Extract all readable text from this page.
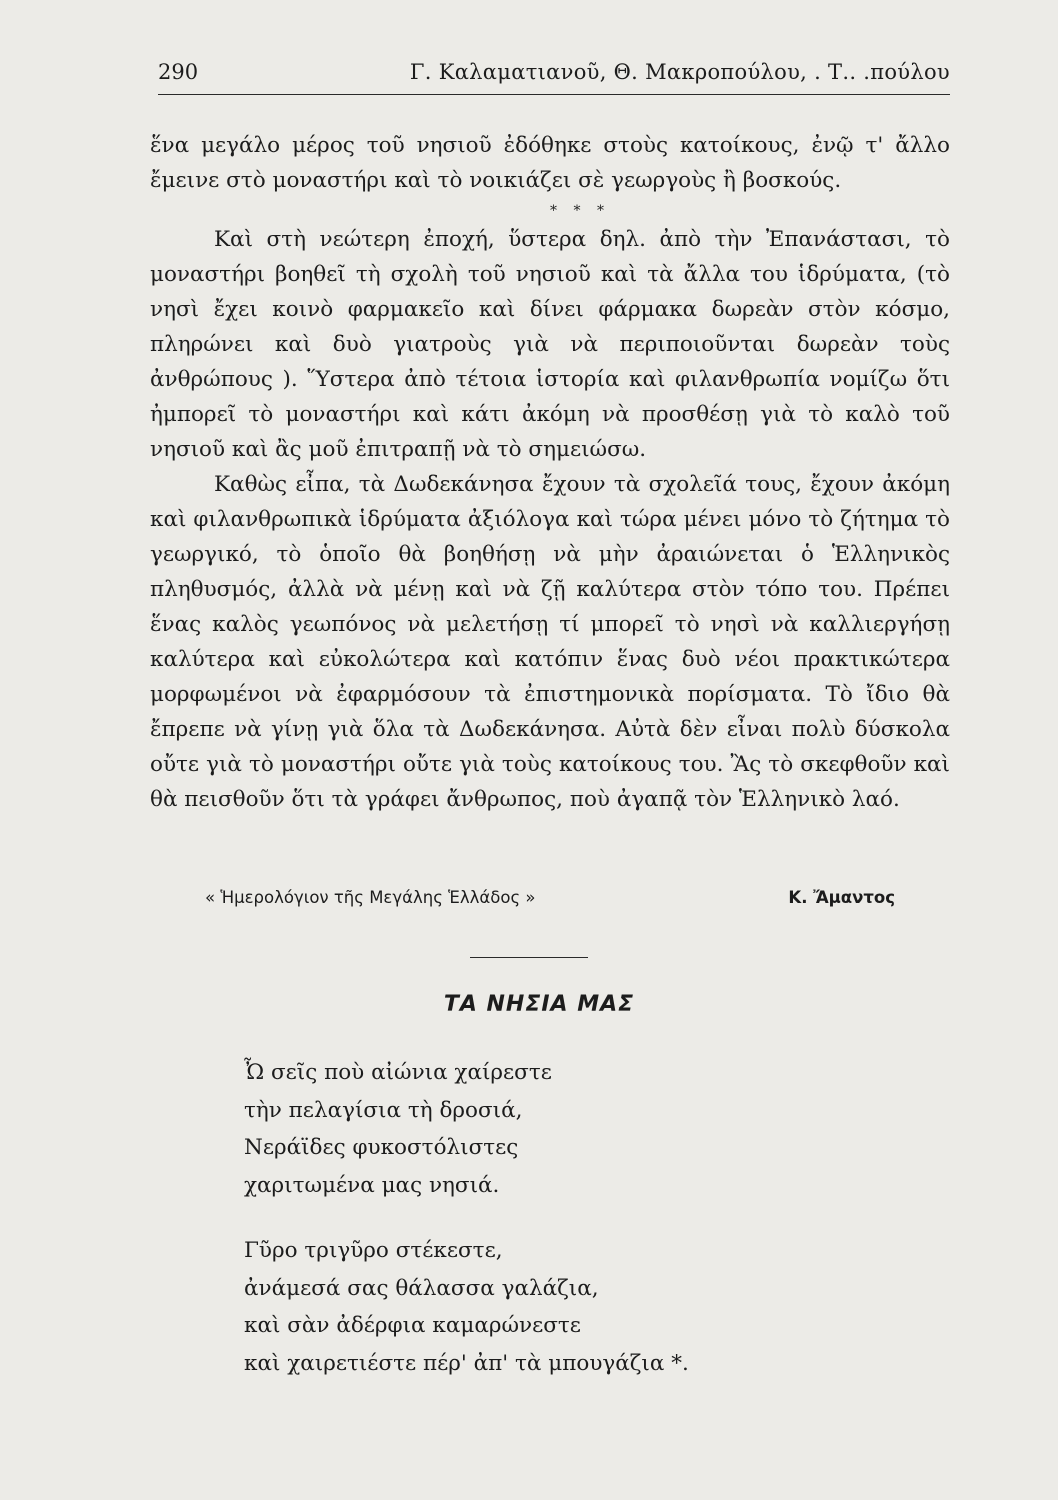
290	Γ. Καλαματιανοῦ, Θ. Μακροπούλου, . Τ.. .πούλου

ἕνα μεγάλο μέρος τοῦ νησιοῦ ἐδόθηκε στοὺς κατοίκους, ἐνῷ τ' ἄλλο ἔμεινε στὸ μοναστήρι καὶ τὸ νοικιάζει σὲ γεωργοὺς ἢ βοσκούς.

* * *

Καὶ στὴ νεώτερη ἐποχή, ὕστερα δηλ. ἀπὸ τὴν Ἐπανάστασι, τὸ μοναστήρι βοηθεῖ τὴ σχολὴ τοῦ νησιοῦ καὶ τὰ ἄλλα του ἱδρύματα, (τὸ νησὶ ἔχει κοινὸ φαρμακεῖο καὶ δίνει φάρμακα δωρεὰν στὸν κόσμο, πληρώνει καὶ δυὸ γιατροὺς γιὰ νὰ περιποιοῦνται δωρεὰν τοὺς ἀνθρώπους ). Ὕστερα ἀπὸ τέτοια ἱστορία καὶ φιλανθρωπία νομίζω ὅτι ἠμπορεῖ τὸ μοναστήρι καὶ κάτι ἀκόμη νὰ προσθέσῃ γιὰ τὸ καλὸ τοῦ νησιοῦ καὶ ἂς μοῦ ἐπιτραπῇ νὰ τὸ σημειώσω.

Καθὼς εἶπα, τὰ Δωδεκάνησα ἔχουν τὰ σχολεῖά τους, ἔχουν ἀκόμη καὶ φιλανθρωπικὰ ἱδρύματα ἀξιόλογα καὶ τώρα μένει μόνο τὸ ζήτημα τὸ γεωργικό, τὸ ὁποῖο θὰ βοηθήσῃ νὰ μὴν ἀραιώνεται ὁ Ἑλληνικὸς πληθυσμός, ἀλλὰ νὰ μένῃ καὶ νὰ ζῇ καλύτερα στὸν τόπο του. Πρέπει ἕνας καλὸς γεωπόνος νὰ μελετήσῃ τί μπορεῖ τὸ νησὶ νὰ καλλιεργήσῃ καλύτερα καὶ εὐκολώτερα καὶ κατόπιν ἕνας δυὸ νέοι πρακτικώτερα μορφωμένοι νὰ ἐφαρμόσουν τὰ ἐπιστημονικὰ πορίσματα. Τὸ ἴδιο θὰ ἔπρεπε νὰ γίνῃ γιὰ ὅλα τὰ Δωδεκάνησα. Αὐτὰ δὲν εἶναι πολὺ δύσκολα οὔτε γιὰ τὸ μοναστήρι οὔτε γιὰ τοὺς κατοίκους του. Ἂς τὸ σκεφθοῦν καὶ θὰ πεισθοῦν ὅτι τὰ γράφει ἄνθρωπος, ποὺ ἀγαπᾷ τὸν Ἑλληνικὸ λαό.

« Ἡμερολόγιον τῆς Μεγάλης Ἑλλάδος »	Κ. Ἄμαντος
ΤΑ ΝΗΣΙΑ ΜΑΣ
Ὦ σεῖς ποὺ αἰώνια χαίρεστε
τὴν πελαγίσια τὴ δροσιά,
Νεράϊδες φυκοστόλιστες
χαριτωμένα μας νησιά.
Γῦρο τριγῦρο στέκεστε,
ἀνάμεσά σας θάλασσα γαλάζια,
καὶ σὰν ἀδέρφια καμαρώνεστε
καὶ χαιρετιέστε πέρ' ἀπ' τὰ μπουγάζια *.
